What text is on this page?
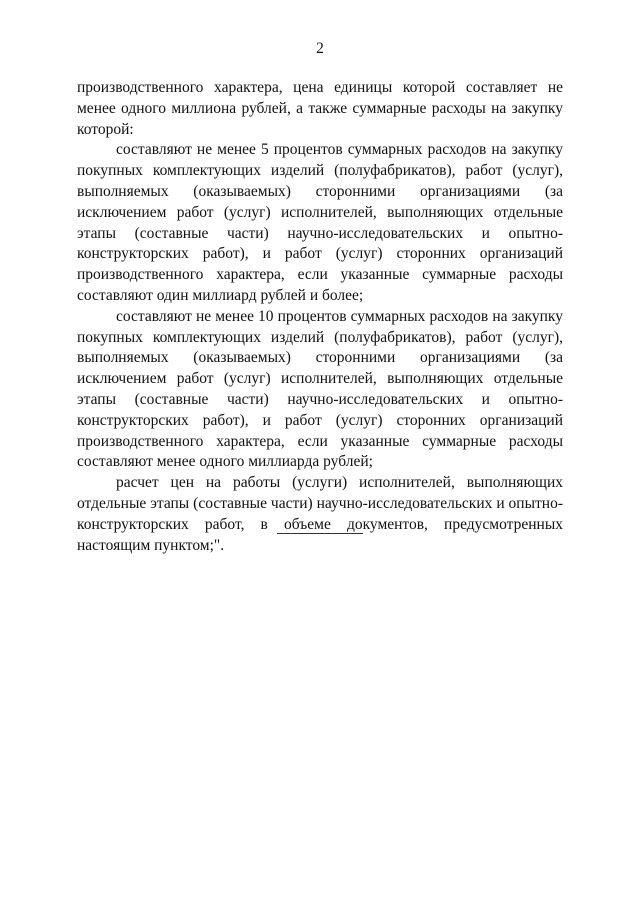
2

производственного характера, цена единицы которой составляет не менее одного миллиона рублей, а также суммарные расходы на закупку которой:

составляют не менее 5 процентов суммарных расходов на закупку покупных комплектующих изделий (полуфабрикатов), работ (услуг), выполняемых (оказываемых) сторонними организациями (за исключением работ (услуг) исполнителей, выполняющих отдельные этапы (составные части) научно-исследовательских и опытно-конструкторских работ), и работ (услуг) сторонних организаций производственного характера, если указанные суммарные расходы составляют один миллиард рублей и более;

составляют не менее 10 процентов суммарных расходов на закупку покупных комплектующих изделий (полуфабрикатов), работ (услуг), выполняемых (оказываемых) сторонними организациями (за исключением работ (услуг) исполнителей, выполняющих отдельные этапы (составные части) научно-исследовательских и опытно-конструкторских работ), и работ (услуг) сторонних организаций производственного характера, если указанные суммарные расходы составляют менее одного миллиарда рублей;

расчет цен на работы (услуги) исполнителей, выполняющих отдельные этапы (составные части) научно-исследовательских и опытно-конструкторских работ, в объеме документов, предусмотренных настоящим пунктом;".
